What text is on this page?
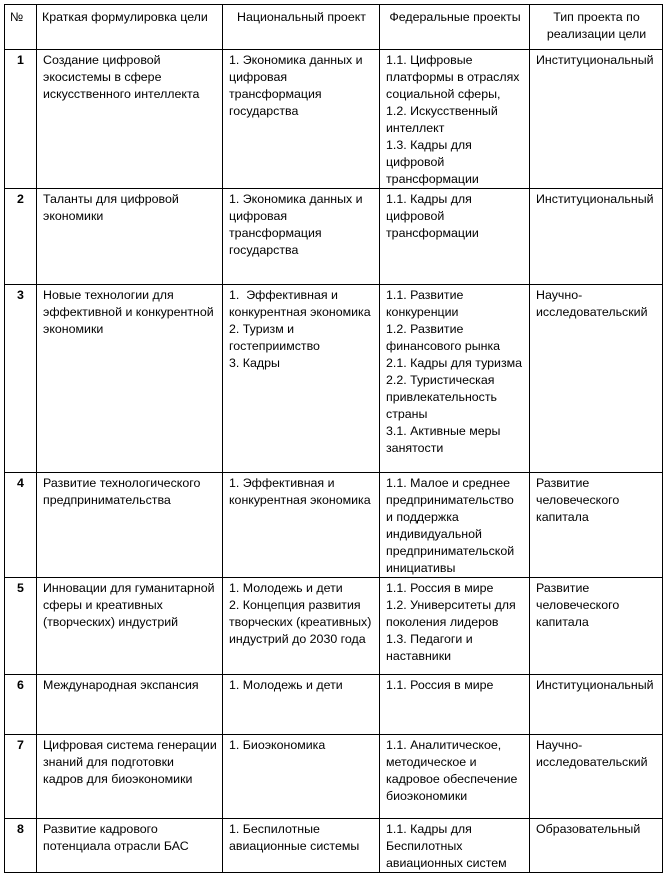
№	Краткая формулировка цели	Национальный проект	Федеральные проекты	Тип проекта по реализации цели
1	Создание цифровой экосистемы в сфере искусственного интеллекта	1. Экономика данных и цифровая трансформация государства	1.1. Цифровые платформы в отраслях социальной сферы,
1.2. Искусственный интеллект
1.3. Кадры для цифровой трансформации	Институциональный
2	Таланты для цифровой экономики	1. Экономика данных и цифровая трансформация государства	1.1. Кадры для цифровой трансформации	Институциональный
3	Новые технологии для эффективной и конкурентной экономики	1.  Эффективная и конкурентная экономика
2. Туризм и гостеприимство
3. Кадры	1.1. Развитие конкуренции
1.2. Развитие финансового рынка
2.1. Кадры для туризма
2.2. Туристическая привлекательность страны
3.1. Активные меры занятости	Научно-исследовательский
4	Развитие технологического предпринимательства	1. Эффективная и конкурентная экономика	1.1. Малое и среднее предпринимательство и поддержка индивидуальной предпринимательской инициативы	Развитие человеческого капитала
5	Инновации для гуманитарной сферы и креативных (творческих) индустрий	1. Молодежь и дети
2. Концепция развития творческих (креативных) индустрий до 2030 года	1.1. Россия в мире
1.2. Университеты для поколения лидеров
1.3. Педагоги и наставники	Развитие человеческого капитала
6	Международная экспансия	1. Молодежь и дети	1.1. Россия в мире	Институциональный
7	Цифровая система генерации знаний для подготовки кадров для биоэкономики	1. Биоэкономика	1.1. Аналитическое, методическое и кадровое обеспечение биоэкономики	Научно-исследовательский
8	Развитие кадрового потенциала отрасли БАС	1. Беспилотные авиационные системы	1.1. Кадры для Беспилотных авиационных систем	Образовательный
